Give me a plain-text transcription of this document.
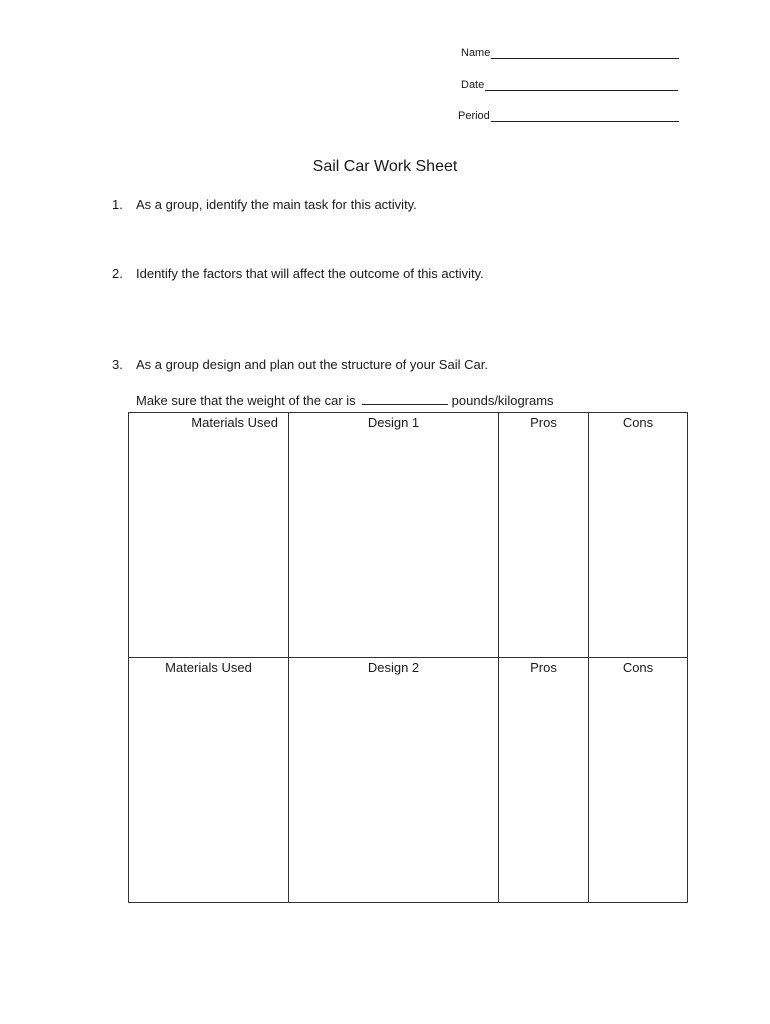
Name
Date
Period
Sail Car Work Sheet
1.	As a group, identify the main task for this activity.
2.	Identify the factors that will affect the outcome of this activity.
3.	As a group design and plan out the structure of your Sail Car.
Make sure that the weight of the car is	pounds/kilograms
Materials Used	Design 1	Pros	Cons

Materials Used	Design 2	Pros	Cons
